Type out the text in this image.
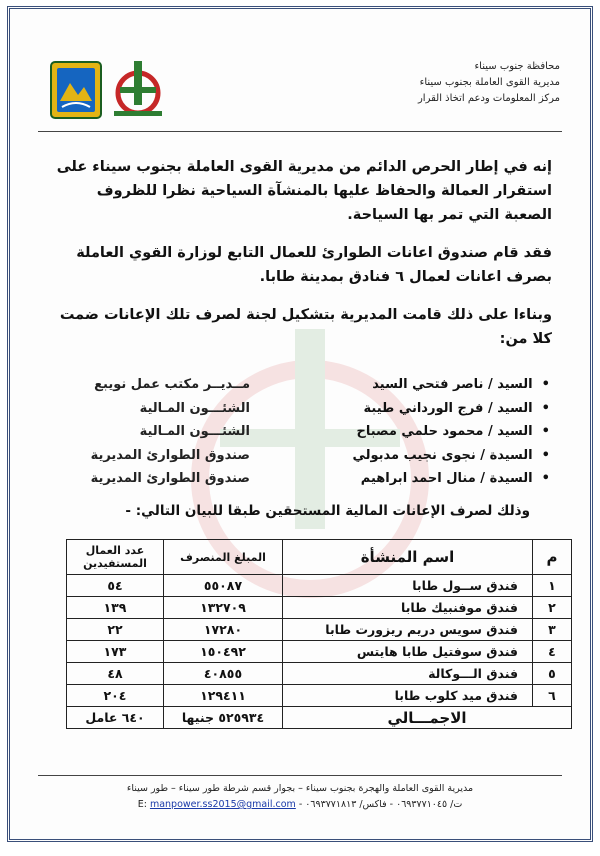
محافظة جنوب سيناء
مديرية القوى العاملة بجنوب سيناء
مركز المعلومات ودعم اتخاذ القرار

إنه في إطار الحرص الدائم من مديرية القوى العاملة بجنوب سيناء على استقرار العمالة والحفاظ عليها بالمنشآة السياحية نظرا للظروف الصعبة التي تمر بها السياحة.

فقد قام صندوق اعانات الطوارئ للعمال التابع لوزارة القوي العاملة بصرف اعانات لعمال ٦ فنادق بمدينة طابا.

وبناءا على ذلك قامت المديرية بتشكيل لجنة لصرف تلك الإعانات ضمت كلا من:

•  السيد / ناصر فتحي السيد
مــديــر مكتب عمل نويبع
•  السيد / فرج الورداني طيبة
الشئـــون المـالية
•  السيد / محمود حلمي مصباح
الشئـــون المـالية
•  السيدة / نجوى نجيب مدبولي
صندوق الطوارئ المديرية
•  السيدة / منال احمد ابراهيم
صندوق الطوارئ المديرية
وذلك لصرف الإعانات المالية المستحقين طبقا للبيان التالي: -
م	اسم المنشأة	المبلغ المنصرف	عدد العمال المستفيدين
١	فندق ســول طابا	٥٥٠٨٧	٥٤
٢	فندق موفنبيك طابا	١٣٢٧٠٩	١٣٩
٣	فندق سويس دريم ريزورت طابا	١٧٢٨٠	٢٢
٤	فندق سوفتيل طابا هايتس	١٥٠٤٩٢	١٧٣
٥	فندق الـــوكالة	٤٠٨٥٥	٤٨
٦	فندق ميد كلوب طابا	١٢٩٤١١	٢٠٤
الاجمـــالي		٥٢٥٩٣٤ جنيها	٦٤٠ عامل
مديرية القوى العاملة والهجرة بجنوب سيناء – بجوار قسم شرطة طور سيناء – طور سيناء
ت/ ٠٦٩٣٧٧١٠٤٥ - فاكس/ ٠٦٩٣٧٧١٨١٣ - E: manpower.ss2015@gmail.com
